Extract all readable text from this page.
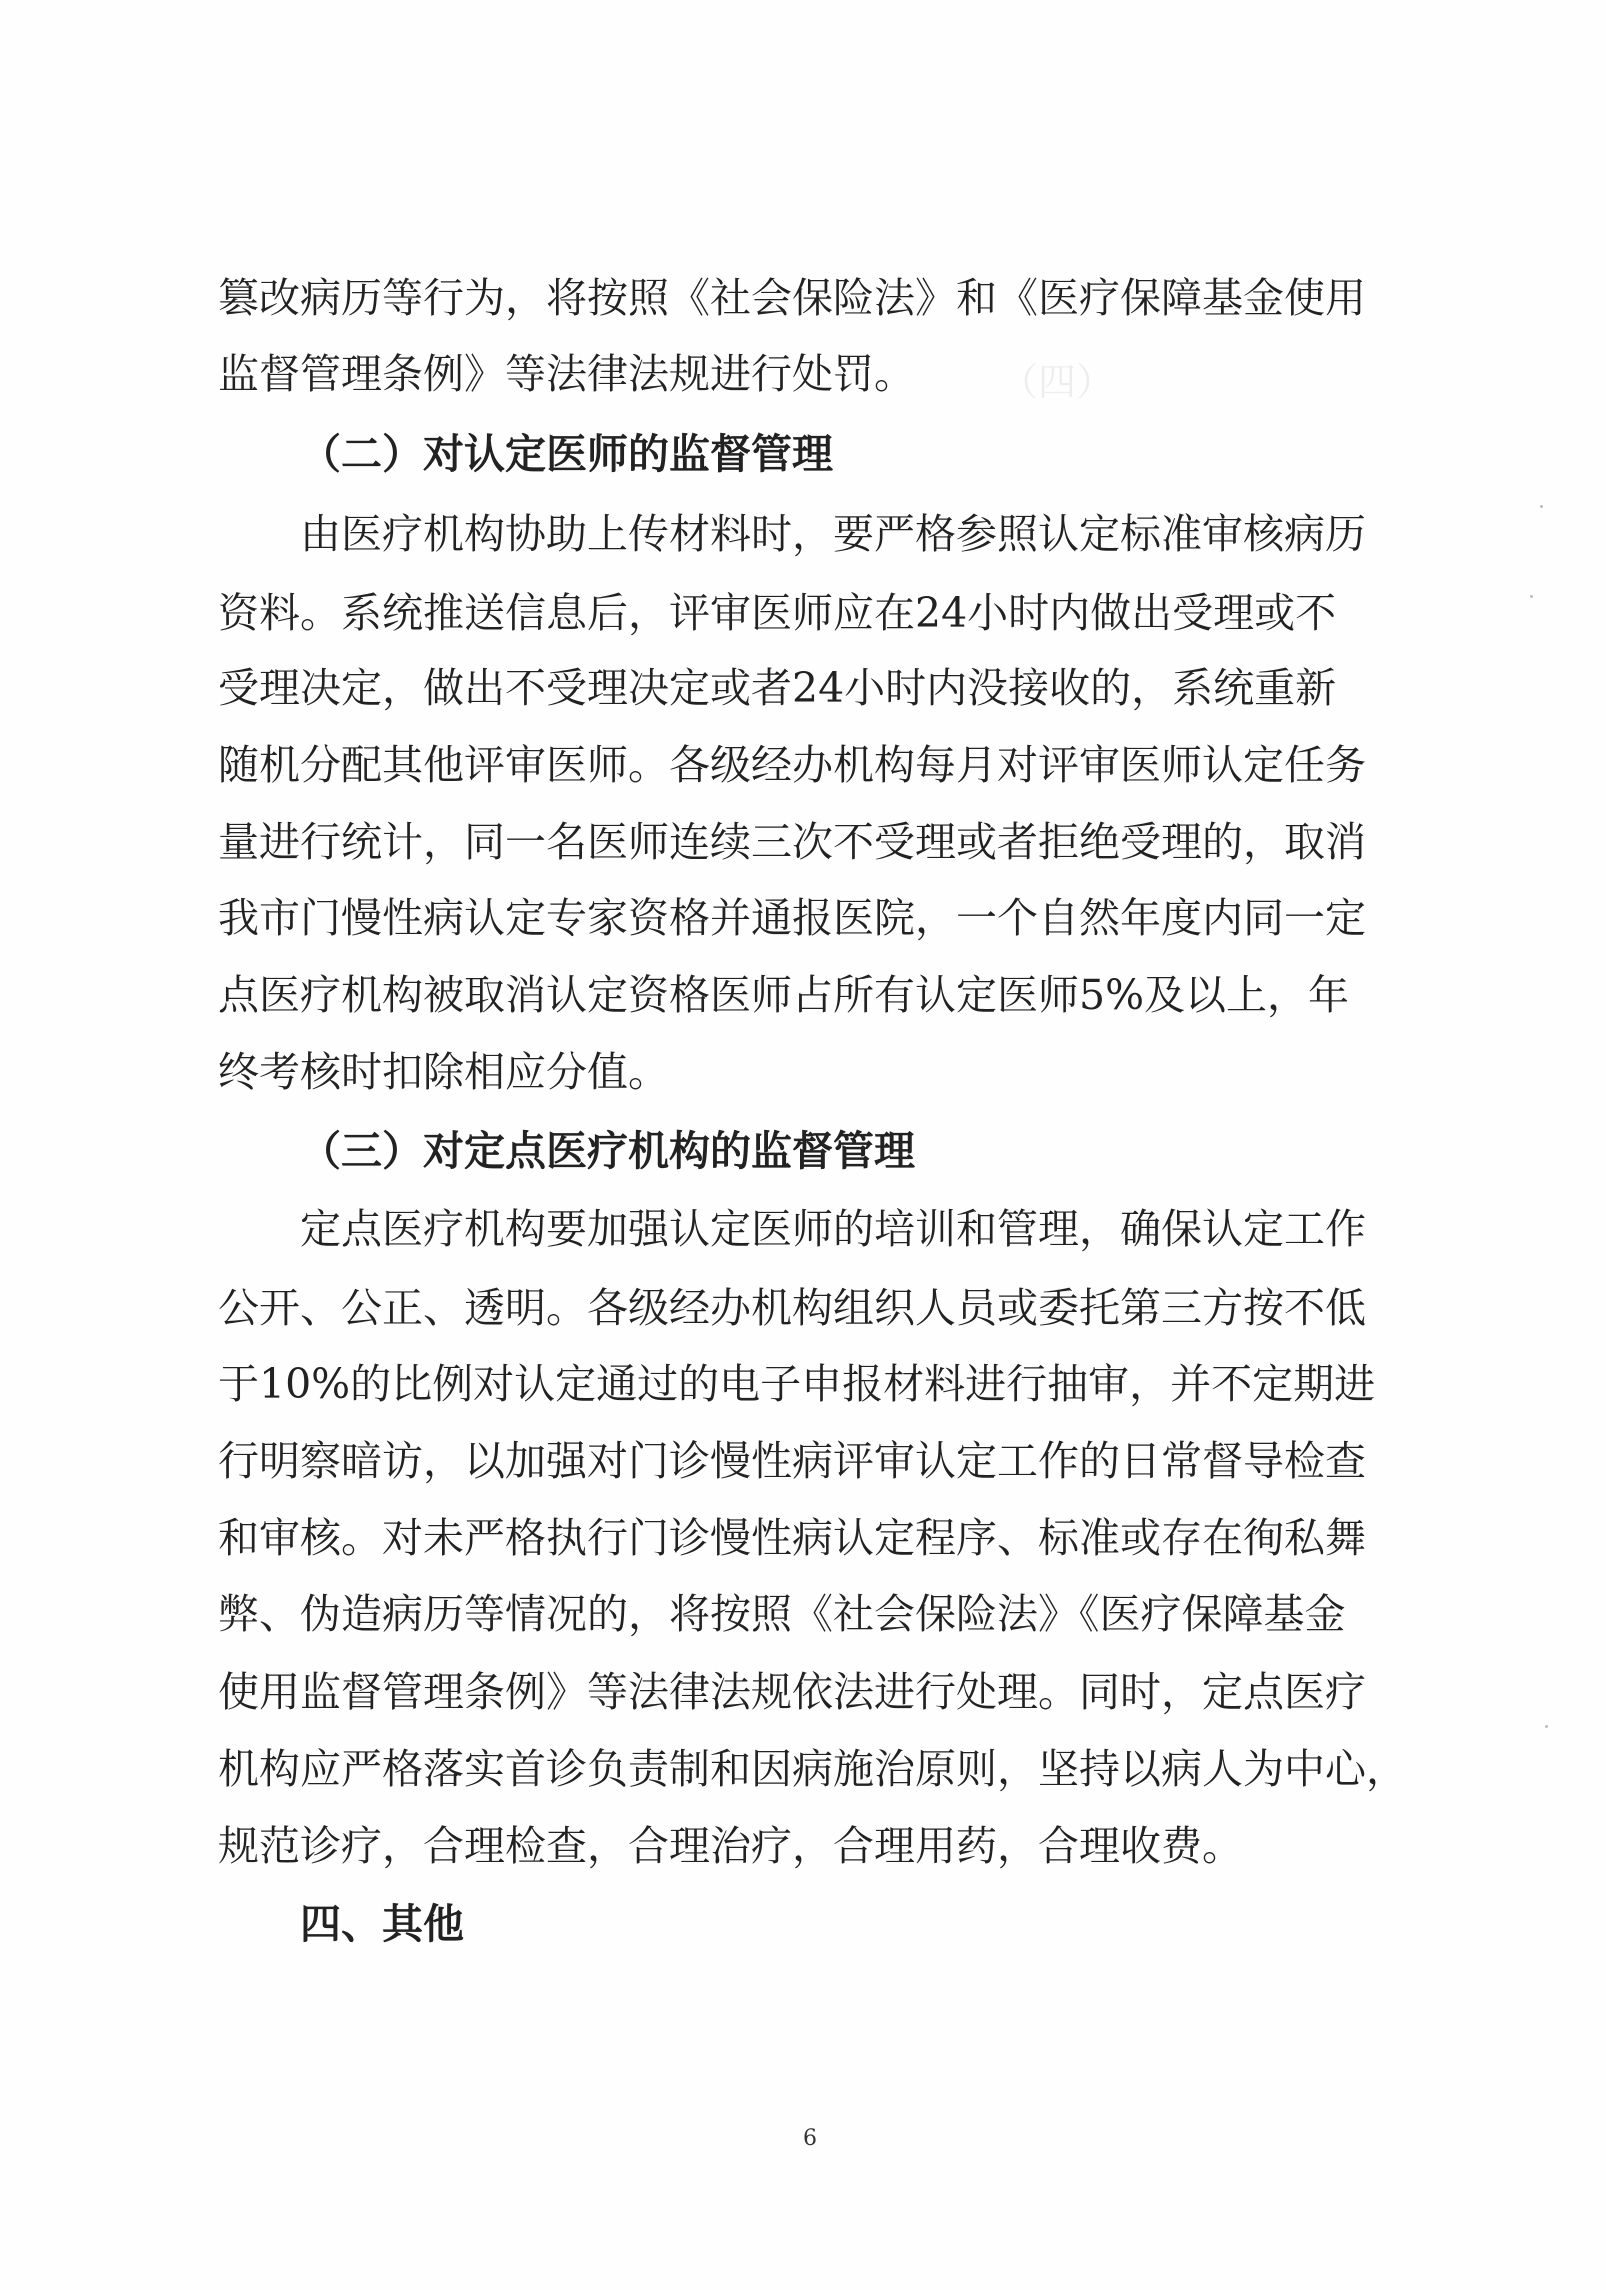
（四）
篡改病历等行为，将按照《社会保险法》和《医疗保障基金使用
监督管理条例》等法律法规进行处罚。
（二）对认定医师的监督管理
由医疗机构协助上传材料时，要严格参照认定标准审核病历
资料。系统推送信息后，评审医师应在24小时内做出受理或不
受理决定，做出不受理决定或者24小时内没接收的，系统重新
随机分配其他评审医师。各级经办机构每月对评审医师认定任务
量进行统计，同一名医师连续三次不受理或者拒绝受理的，取消
我市门慢性病认定专家资格并通报医院，一个自然年度内同一定
点医疗机构被取消认定资格医师占所有认定医师5%及以上，年
终考核时扣除相应分值。
（三）对定点医疗机构的监督管理
定点医疗机构要加强认定医师的培训和管理，确保认定工作
公开、公正、透明。各级经办机构组织人员或委托第三方按不低
于10%的比例对认定通过的电子申报材料进行抽审，并不定期进
行明察暗访，以加强对门诊慢性病评审认定工作的日常督导检查
和审核。对未严格执行门诊慢性病认定程序、标准或存在徇私舞
弊、伪造病历等情况的，将按照《社会保险法》《医疗保障基金
使用监督管理条例》等法律法规依法进行处理。同时，定点医疗
机构应严格落实首诊负责制和因病施治原则，坚持以病人为中心，
规范诊疗，合理检查，合理治疗，合理用药，合理收费。
四、其他
6
